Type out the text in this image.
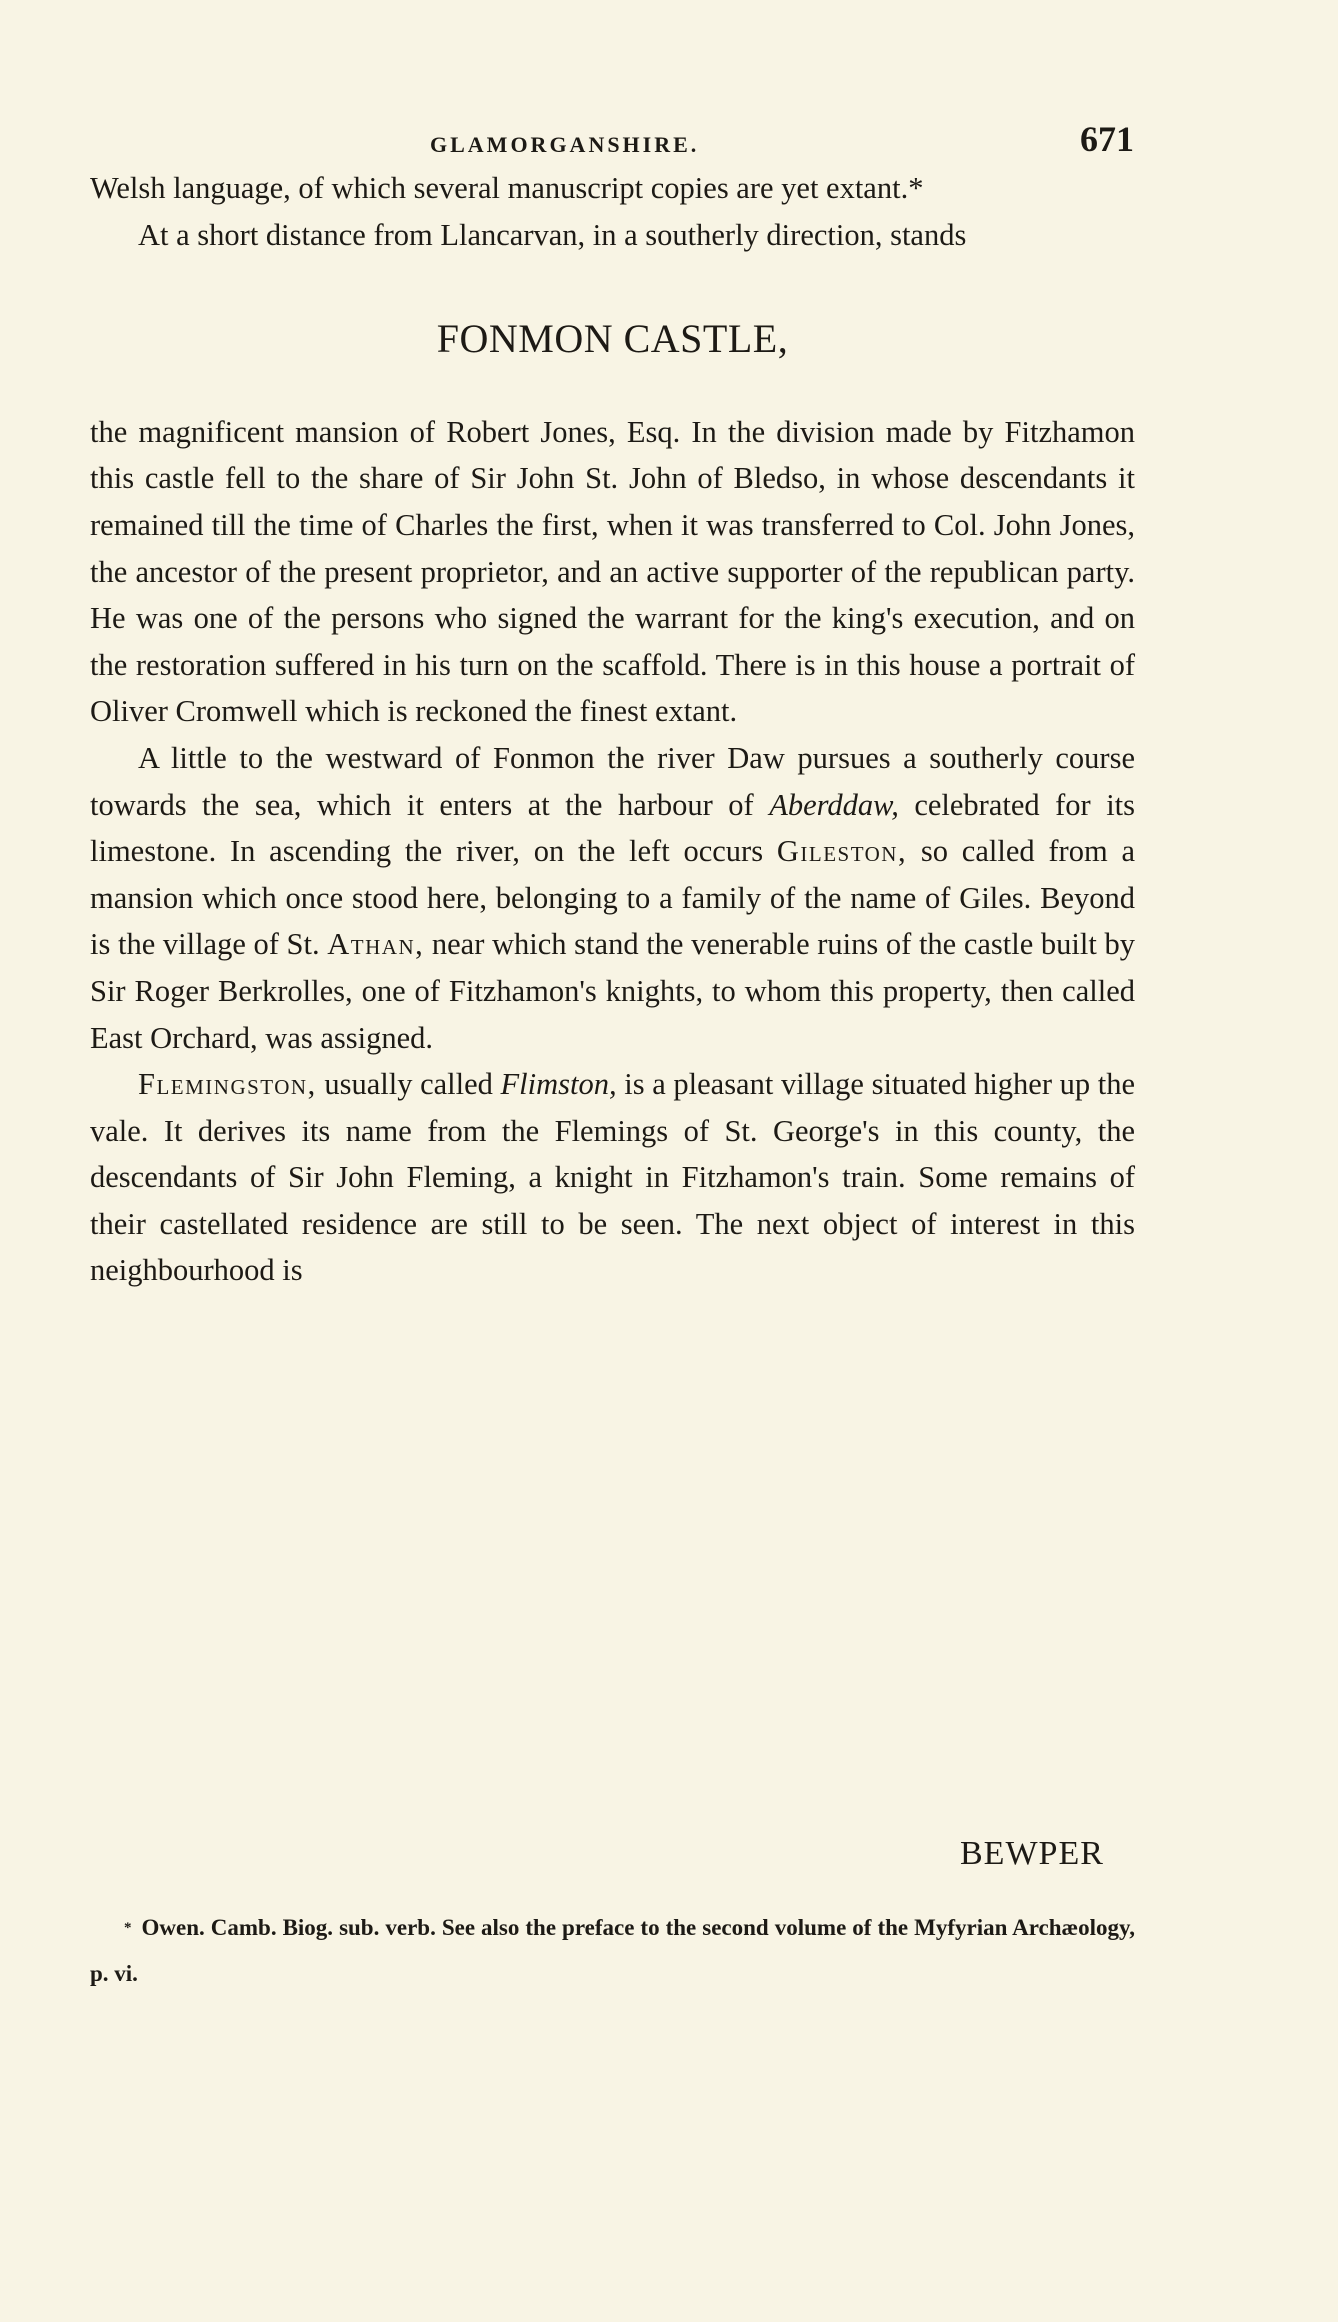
GLAMORGANSHIRE.	671

Welsh language, of which several manuscript copies are yet extant.*

At a short distance from Llancarvan, in a southerly direction, stands

FONMON CASTLE,

the magnificent mansion of Robert Jones, Esq. In the division made by Fitzhamon this castle fell to the share of Sir John St. John of Bledso, in whose descendants it remained till the time of Charles the first, when it was transferred to Col. John Jones, the ancestor of the present proprietor, and an active supporter of the republican party. He was one of the persons who signed the warrant for the king's execution, and on the restoration suffered in his turn on the scaffold. There is in this house a portrait of Oliver Cromwell which is reckoned the finest extant.

A little to the westward of Fonmon the river Daw pursues a southerly course towards the sea, which it enters at the harbour of Aberddaw, celebrated for its limestone. In ascending the river, on the left occurs Gileston, so called from a mansion which once stood here, belonging to a family of the name of Giles. Beyond is the village of St. Athan, near which stand the venerable ruins of the castle built by Sir Roger Berkrolles, one of Fitzhamon's knights, to whom this property, then called East Orchard, was assigned.

Flemingston, usually called Flimston, is a pleasant village situated higher up the vale. It derives its name from the Flemings of St. George's in this county, the descendants of Sir John Fleming, a knight in Fitzhamon's train. Some remains of their castellated residence are still to be seen. The next object of interest in this neighbourhood is

BEWPER

* Owen. Camb. Biog. sub. verb. See also the preface to the second volume of the Myfyrian Archæology, p. vi.
